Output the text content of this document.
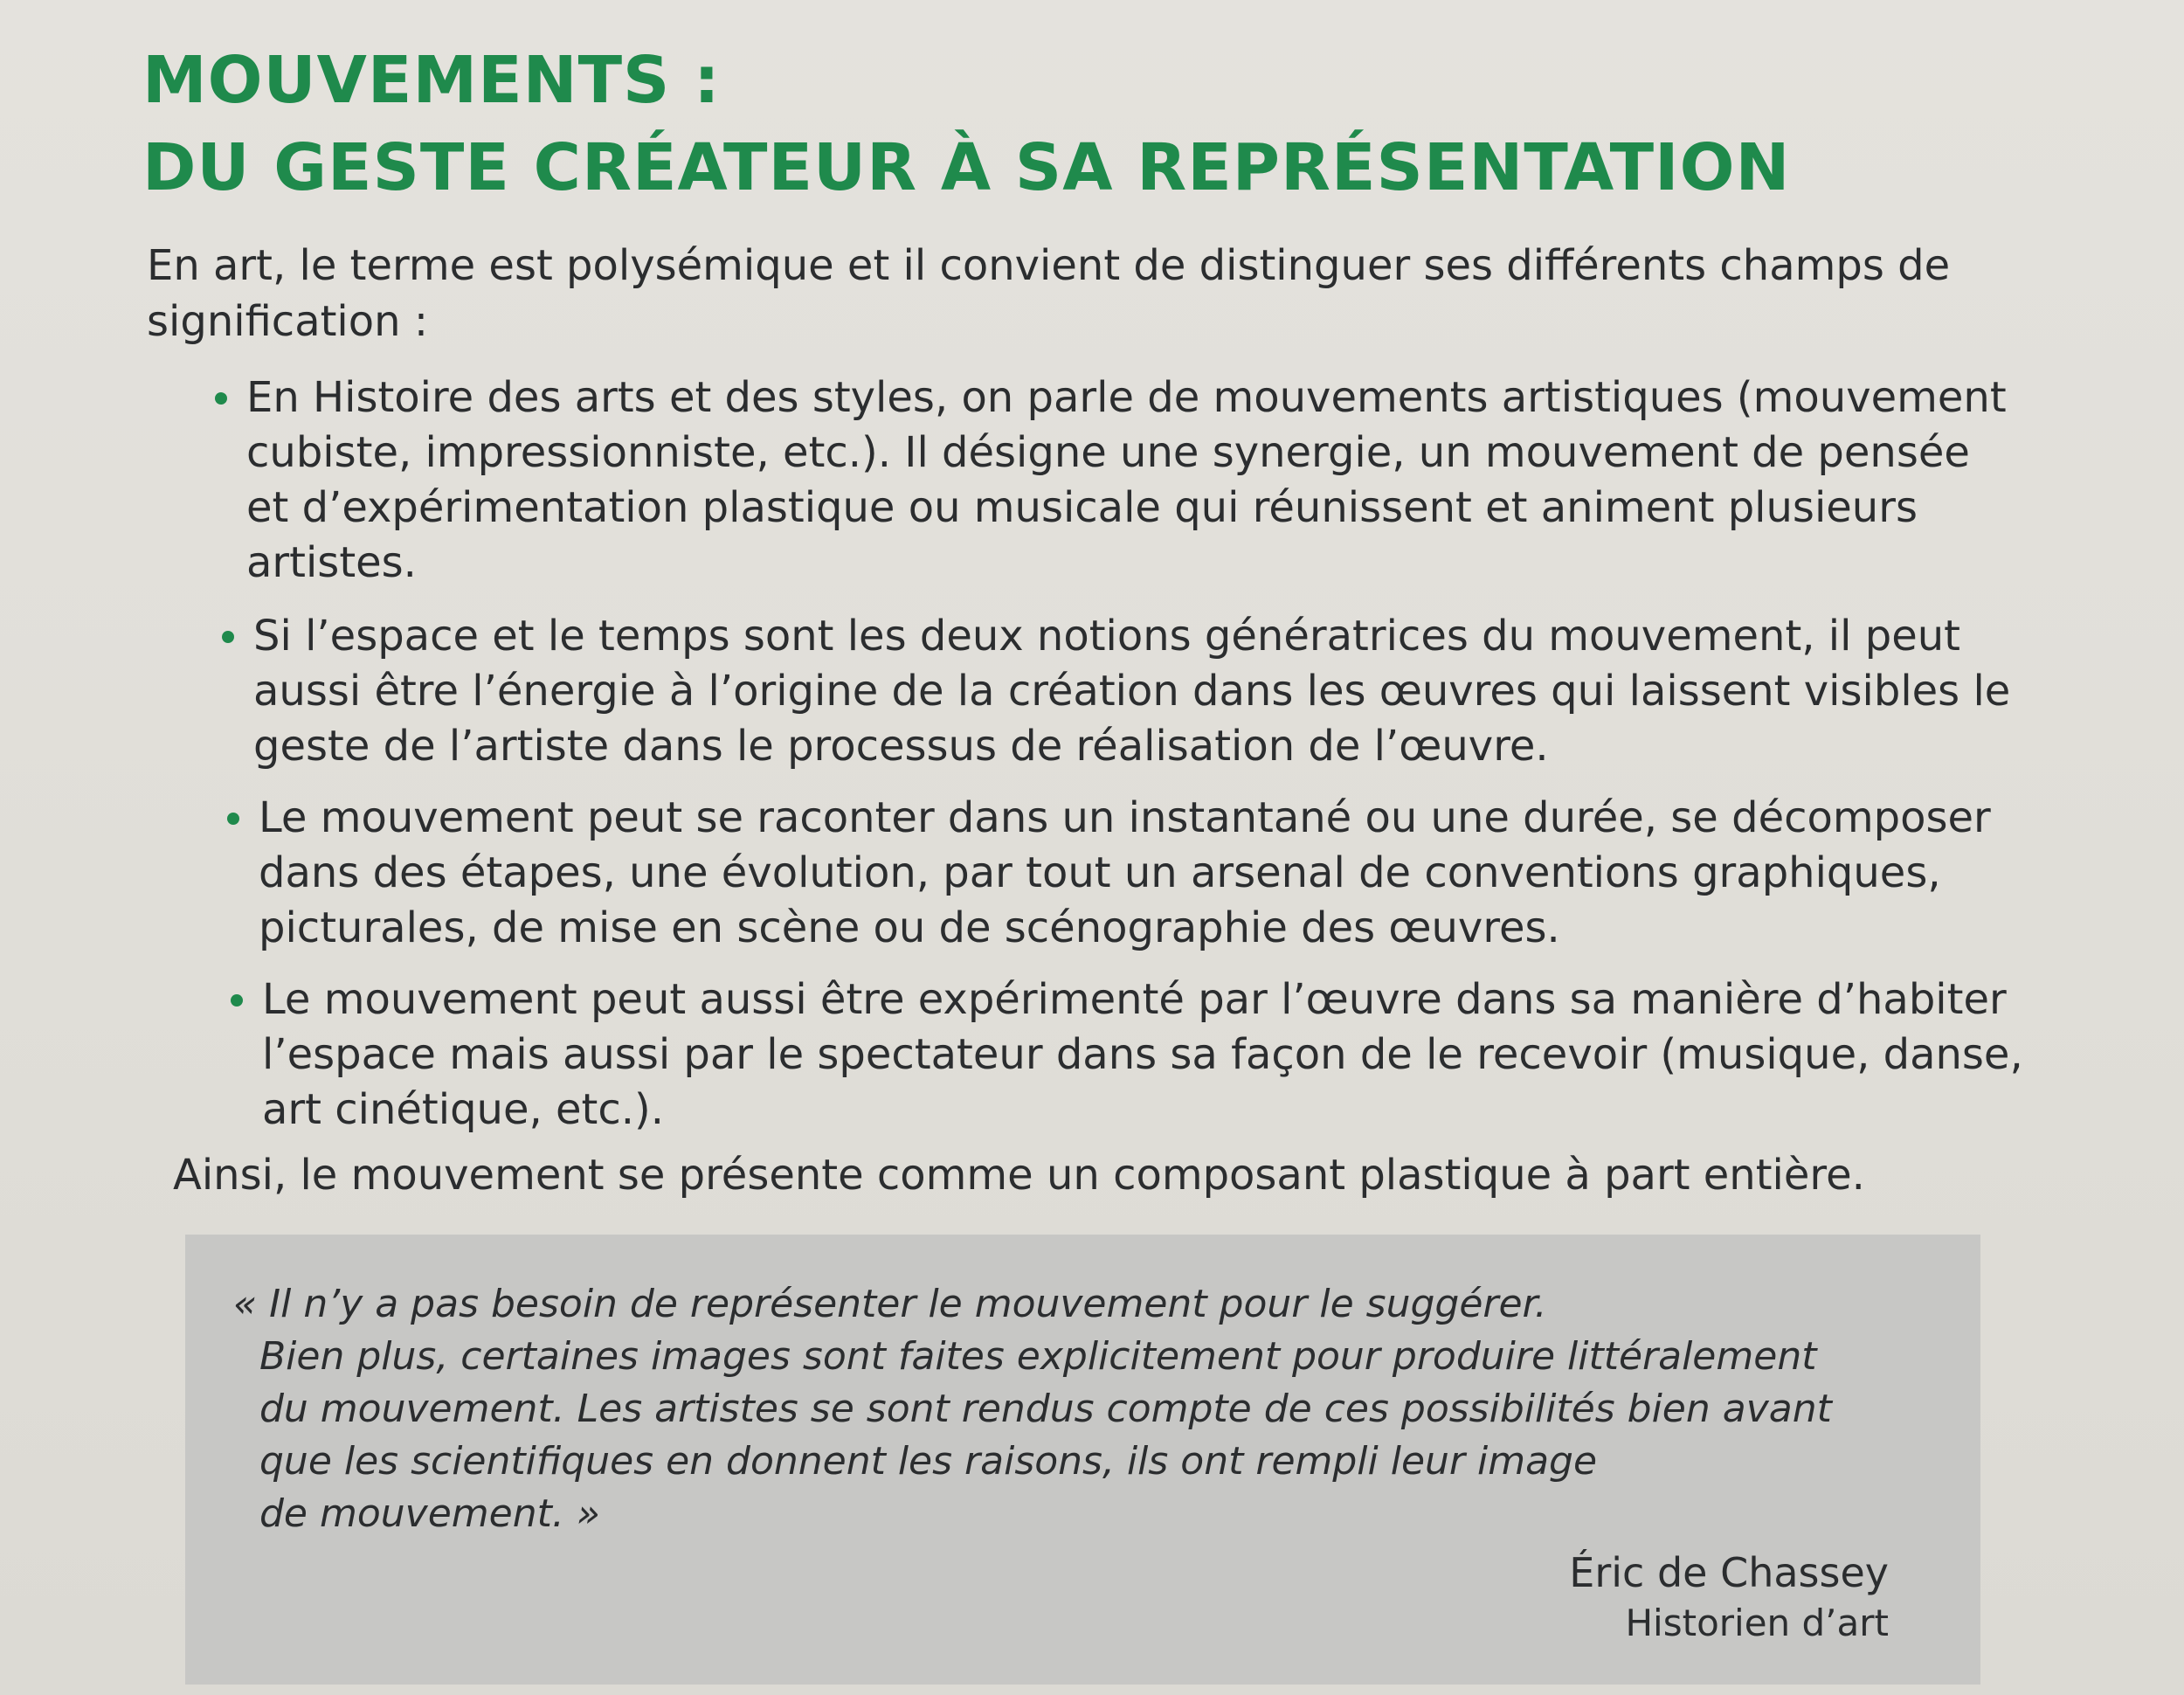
MOUVEMENTS :
DU GESTE CRÉATEUR À SA REPRÉSENTATION

En art, le terme est polysémique et il convient de distinguer ses différents champs de signification :

En Histoire des arts et des styles, on parle de mouvements artistiques (mouvement cubiste, impressionniste, etc.). Il désigne une synergie, un mouvement de pensée et d’expérimentation plastique ou musicale qui réunissent et animent plusieurs artistes.
Si l’espace et le temps sont les deux notions génératrices du mouvement, il peut aussi être l’énergie à l’origine de la création dans les œuvres qui laissent visibles le geste de l’artiste dans le processus de réalisation de l’œuvre.
Le mouvement peut se raconter dans un instantané ou une durée, se décomposer dans des étapes, une évolution, par tout un arsenal de conventions graphiques, picturales, de mise en scène ou de scénographie des œuvres.
Le mouvement peut aussi être expérimenté par l’œuvre dans sa manière d’habiter l’espace mais aussi par le spectateur dans sa façon de le recevoir (musique, danse, art cinétique, etc.).

Ainsi, le mouvement se présente comme un composant plastique à part entière.

« Il n’y a pas besoin de représenter le mouvement pour le suggérer.
Bien plus, certaines images sont faites explicitement pour produire littéralement
du mouvement. Les artistes se sont rendus compte de ces possibilités bien avant
que les scientifiques en donnent les raisons, ils ont rempli leur image
de mouvement. »

Éric de Chassey
Historien d’art
